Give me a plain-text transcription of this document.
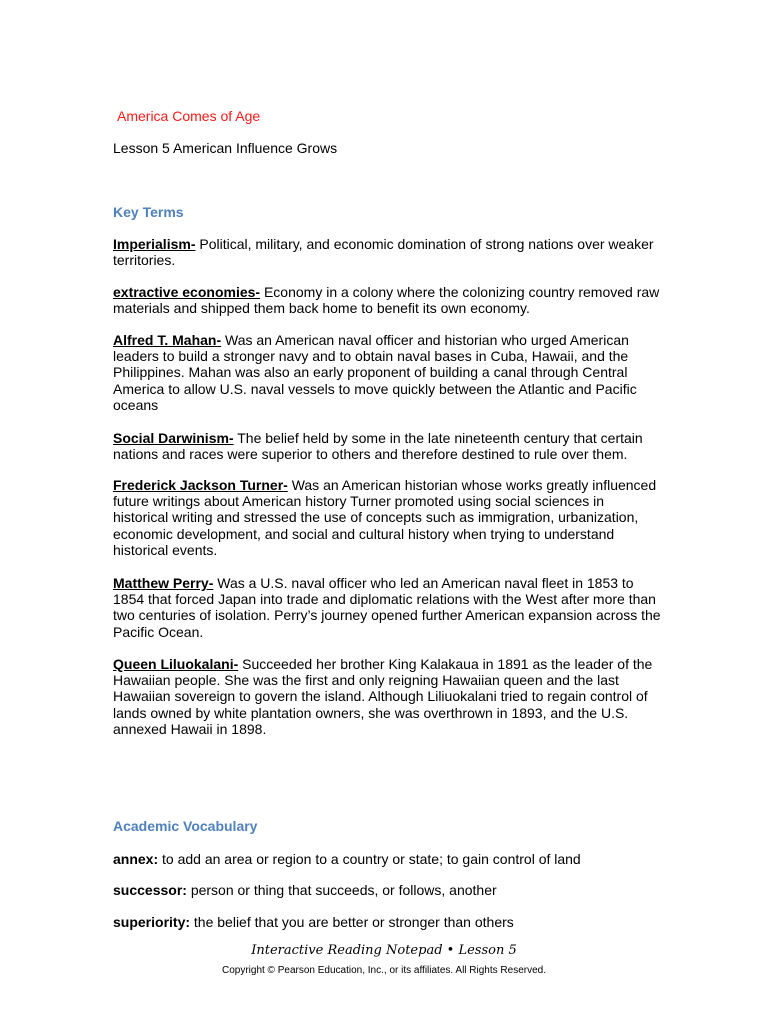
America Comes of Age
Lesson 5 American Influence Grows
Key Terms
Imperialism- Political, military, and economic domination of strong nations over weaker territories.
extractive economies- Economy in a colony where the colonizing country removed raw materials and shipped them back home to benefit its own economy.
Alfred T. Mahan- Was an American naval officer and historian who urged American leaders to build a stronger navy and to obtain naval bases in Cuba, Hawaii, and the Philippines. Mahan was also an early proponent of building a canal through Central America to allow U.S. naval vessels to move quickly between the Atlantic and Pacific oceans
Social Darwinism- The belief held by some in the late nineteenth century that certain nations and races were superior to others and therefore destined to rule over them.
Frederick Jackson Turner- Was an American historian whose works greatly influenced future writings about American history Turner promoted using social sciences in historical writing and stressed the use of concepts such as immigration, urbanization, economic development, and social and cultural history when trying to understand historical events.
Matthew Perry- Was a U.S. naval officer who led an American naval fleet in 1853 to 1854 that forced Japan into trade and diplomatic relations with the West after more than two centuries of isolation. Perry’s journey opened further American expansion across the Pacific Ocean.
Queen Liluokalani- Succeeded her brother King Kalakaua in 1891 as the leader of the Hawaiian people. She was the first and only reigning Hawaiian queen and the last Hawaiian sovereign to govern the island. Although Liliuokalani tried to regain control of lands owned by white plantation owners, she was overthrown in 1893, and the U.S. annexed Hawaii in 1898.
Academic Vocabulary
annex: to add an area or region to a country or state; to gain control of land
successor: person or thing that succeeds, or follows, another
superiority: the belief that you are better or stronger than others
Interactive Reading Notepad • Lesson 5
Copyright © Pearson Education, Inc., or its affiliates. All Rights Reserved.
